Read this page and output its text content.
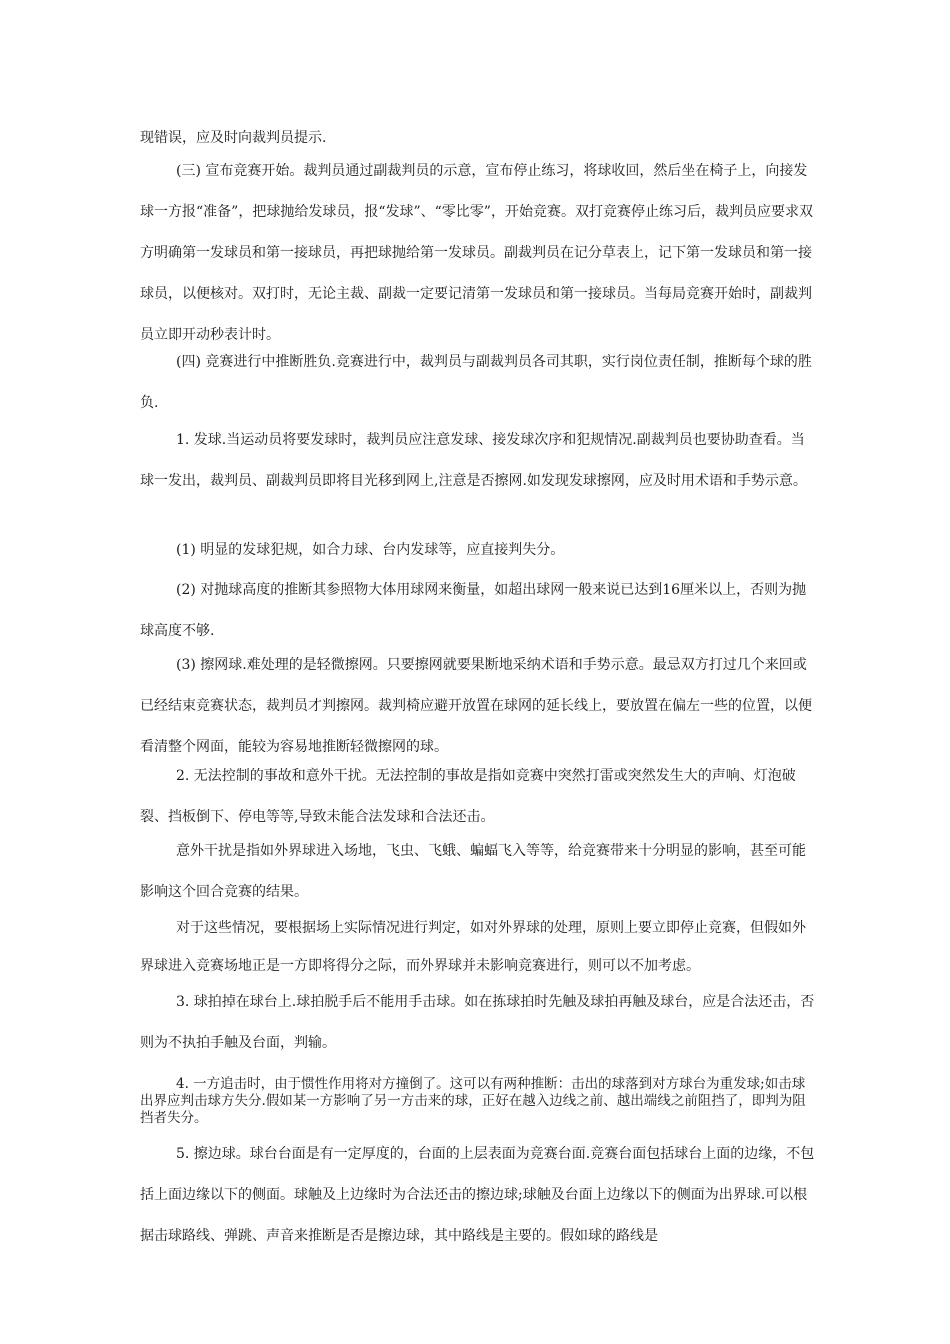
现错误，应及时向裁判员提示.

(三) 宣布竞赛开始。裁判员通过副裁判员的示意，宣布停止练习，将球收回，然后坐在椅子上，向接发球一方报“准备”，把球抛给发球员，报“发球”、“零比零”，开始竞赛。双打竞赛停止练习后，裁判员应要求双方明确第一发球员和第一接球员，再把球抛给第一发球员。副裁判员在记分草表上，记下第一发球员和第一接球员，以便核对。双打时，无论主裁、副裁一定要记清第一发球员和第一接球员。当每局竞赛开始时，副裁判员立即开动秒表计时。

(四) 竞赛进行中推断胜负.竞赛进行中，裁判员与副裁判员各司其职，实行岗位责任制，推断每个球的胜负.

1. 发球.当运动员将要发球时，裁判员应注意发球、接发球次序和犯规情况.副裁判员也要协助查看。当球一发出，裁判员、副裁判员即将目光移到网上,注意是否擦网.如发现发球擦网，应及时用术语和手势示意。

(1) 明显的发球犯规，如合力球、台内发球等，应直接判失分。

(2) 对抛球高度的推断其参照物大体用球网来衡量，如超出球网一般来说已达到16厘米以上，否则为抛球高度不够.

(3) 擦网球.难处理的是轻微擦网。只要擦网就要果断地采纳术语和手势示意。最忌双方打过几个来回或已经结束竞赛状态，裁判员才判擦网。裁判椅应避开放置在球网的延长线上，要放置在偏左一些的位置，以便看清整个网面，能较为容易地推断轻微擦网的球。

2. 无法控制的事故和意外干扰。无法控制的事故是指如竞赛中突然打雷或突然发生大的声响、灯泡破裂、挡板倒下、停电等等,导致未能合法发球和合法还击。

意外干扰是指如外界球进入场地，飞虫、飞蛾、蝙蝠飞入等等，给竞赛带来十分明显的影响，甚至可能影响这个回合竞赛的结果。

对于这些情况，要根据场上实际情况进行判定，如对外界球的处理，原则上要立即停止竞赛，但假如外界球进入竞赛场地正是一方即将得分之际，而外界球并未影响竞赛进行，则可以不加考虑。

3. 球拍掉在球台上.球拍脱手后不能用手击球。如在拣球拍时先触及球拍再触及球台，应是合法还击，否则为不执拍手触及台面，判输。

4. 一方追击时，由于惯性作用将对方撞倒了。这可以有两种推断：击出的球落到对方球台为重发球;如击球出界应判击球方失分.假如某一方影响了另一方击来的球，正好在越入边线之前、越出端线之前阻挡了，即判为阻挡者失分。

5. 擦边球。球台台面是有一定厚度的，台面的上层表面为竞赛台面.竞赛台面包括球台上面的边缘，不包括上面边缘以下的侧面。球触及上边缘时为合法还击的擦边球;球触及台面上边缘以下的侧面为出界球.可以根据击球路线、弹跳、声音来推断是否是擦边球，其中路线是主要的。假如球的路线是
